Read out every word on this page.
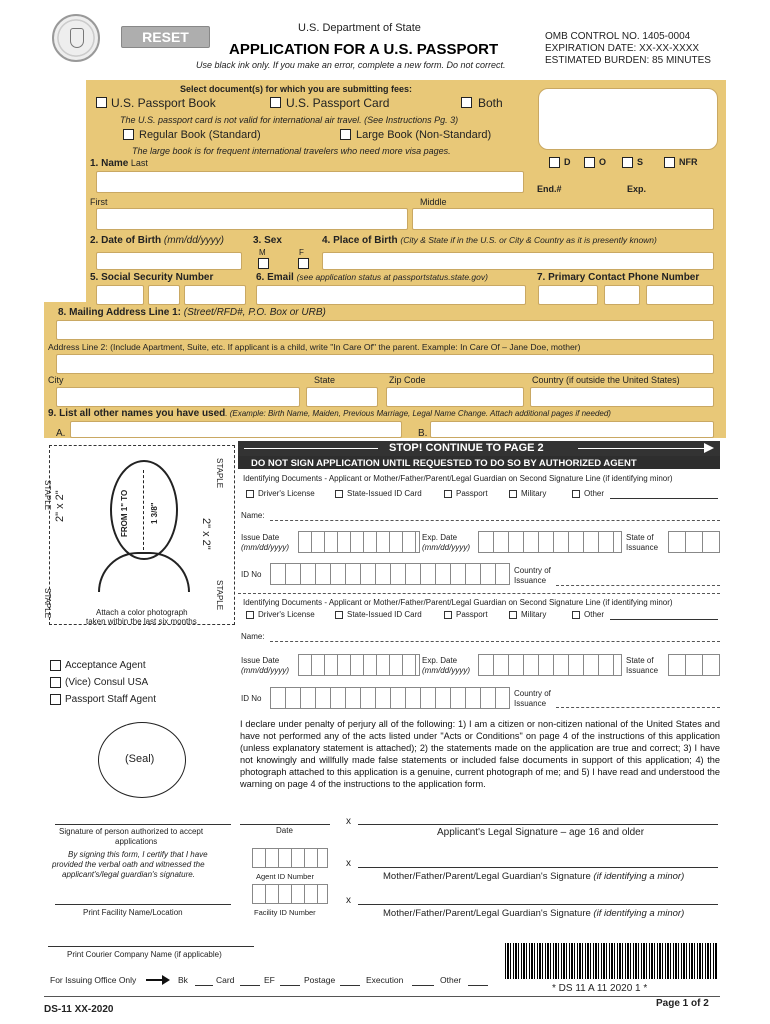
RESET
U.S. Department of State
APPLICATION FOR A U.S. PASSPORT
Use black ink only. If you make an error, complete a new form. Do not correct.
OMB CONTROL NO. 1405-0004
EXPIRATION DATE: XX-XX-XXXX
ESTIMATED BURDEN: 85 MINUTES
Select document(s) for which you are submitting fees:
U.S. Passport Book	U.S. Passport Card	Both
The U.S. passport card is not valid for international air travel. (See Instructions Pg. 3)
Regular Book (Standard)	Large Book (Non-Standard)
The large book is for frequent international travelers who need more visa pages.
D	O	S	NFR
End.#	Exp.
1. Name Last
First	Middle
2. Date of Birth (mm/dd/yyyy)	3. Sex
M	F
4. Place of Birth (City & State if in the U.S. or City & Country as it is presently known)
5. Social Security Number	6. Email (see application status at passportstatus.state.gov)	7. Primary Contact Phone Number
8. Mailing Address Line 1: (Street/RFD#, P.O. Box or URB)
Address Line 2: (Include Apartment, Suite, etc. If applicant is a child, write "In Care Of" the parent. Example: In Care Of – Jane Doe, mother)
City	State	Zip Code	Country (if outside the United States)
9. List all other names you have used. (Example: Birth Name, Maiden, Previous Marriage, Legal Name Change. Attach additional pages if needed)
A.	B.
STAPLE
STAPLE
STAPLE	STAPLE
2" x 2"
2" x 2"
FROM 1" TO	1 3/8"
Attach a color photograph
taken within the last six months
STOP! CONTINUE TO PAGE 2
DO NOT SIGN APPLICATION UNTIL REQUESTED TO DO SO BY AUTHORIZED AGENT
Identifying Documents - Applicant or Mother/Father/Parent/Legal Guardian on Second Signature Line (if identifying minor)
Driver's License	State-Issued ID Card	Passport	Military	Other
Name:
Issue Date
(mm/dd/yyyy)
Exp. Date
(mm/dd/yyyy)
State of
Issuance
ID No	Country of
Issuance
Identifying Documents - Applicant or Mother/Father/Parent/Legal Guardian on Second Signature Line (if identifying minor)
Driver's License	State-Issued ID Card	Passport	Military	Other
Name:
Issue Date
(mm/dd/yyyy)
Exp. Date
(mm/dd/yyyy)
State of
Issuance
ID No
Country of
Issuance
Acceptance Agent
(Vice) Consul USA
Passport Staff Agent
(Seal)
I declare under penalty of perjury all of the following: 1) I am a citizen or non-citizen national of the United States and have not performed any of the acts listed under "Acts or Conditions" on page 4 of the instructions of this application (unless explanatory statement is attached); 2) the statements made on the application are true and correct; 3) I have not knowingly and willfully made false statements or included false documents in support of this application; 4) the photograph attached to this application is a genuine, current photograph of me; and 5) I have read and understood the warning on page 4 of the instructions to the application form.
x
Applicant's Legal Signature – age 16 and older
x
Mother/Father/Parent/Legal Guardian's Signature (if identifying a minor)
x
Mother/Father/Parent/Legal Guardian's Signature (if identifying a minor)
Signature of person authorized to accept
applications
By signing this form, I certify that I have
provided the verbal oath and witnessed the
applicant's/legal guardian's signature.
Date
Agent ID Number
Print Facility Name/Location	Facility ID Number
Print Courier Company Name (if applicable)
For Issuing Office Only	Bk	Card	EF	Postage	Execution	Other
* DS 11 A 11 2020 1 *
DS-11 XX-2020
Page 1 of 2
